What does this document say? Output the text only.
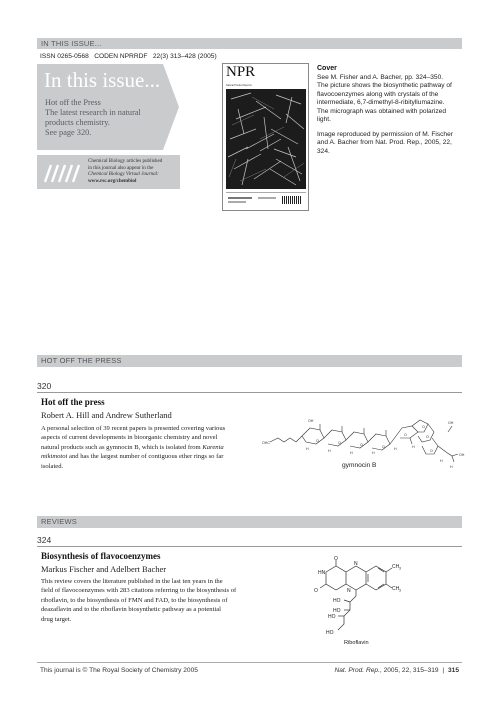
IN THIS ISSUE...
ISSN 0265-0568   CODEN NPRRDF   22(3) 313–428 (2005)
In this issue...
Hot off the Press
The latest research in natural
products chemistry.
See page 320.
Chemical Biology articles published
in this journal also appear in the
Chemical Biology Virtual Journal:
www.rsc.org/chembiol
NPR
Natural Product Reports
Cover
See M. Fisher and A. Bacher, pp. 324–350.
The picture shows the biosynthetic pathway of
flavocoenzymes along with crystals of the
intermediate, 6,7-dimethyl-8-ribityllumazine.
The micrograph was obtained with polarized
light.
Image reproduced by permission of M. Fischer
and A. Bacher from Nat. Prod. Rep., 2005, 22,
324.
HOT OFF THE PRESS
320
Hot off the press
Robert A. Hill and Andrew Sutherland
A personal selection of 39 recent papers is presented covering various
aspects of current developments in bioorganic chemistry and novel
natural products such as gymnocin B, which is isolated from Karenia
mikimotoi and has the largest number of contiguous ether rings so far
isolated.
OHC
OH
O	O	O	O
O
O
O
O
OH
OH
H	H	H	H
H	H
H
H
gymnocin B
REVIEWS
324
Biosynthesis of flavocoenzymes
Markus Fischer and Adelbert Bacher
This review covers the literature published in the last ten years in the
field of flavocoenzymes with 283 citations referring to the biosynthesis of
riboflavin, to the biosynthesis of FMN and FAD, to the biosynthesis of
deazaflavin and to the riboflavin biosynthetic pathway as a potential
drug target.
O
HN
O	N
N	CH 3
CH 3
HO
HO
HO
HO
Riboflavin
This journal is © The Royal Society of Chemistry 2005	Nat. Prod. Rep., 2005, 22, 315–319 | 315
